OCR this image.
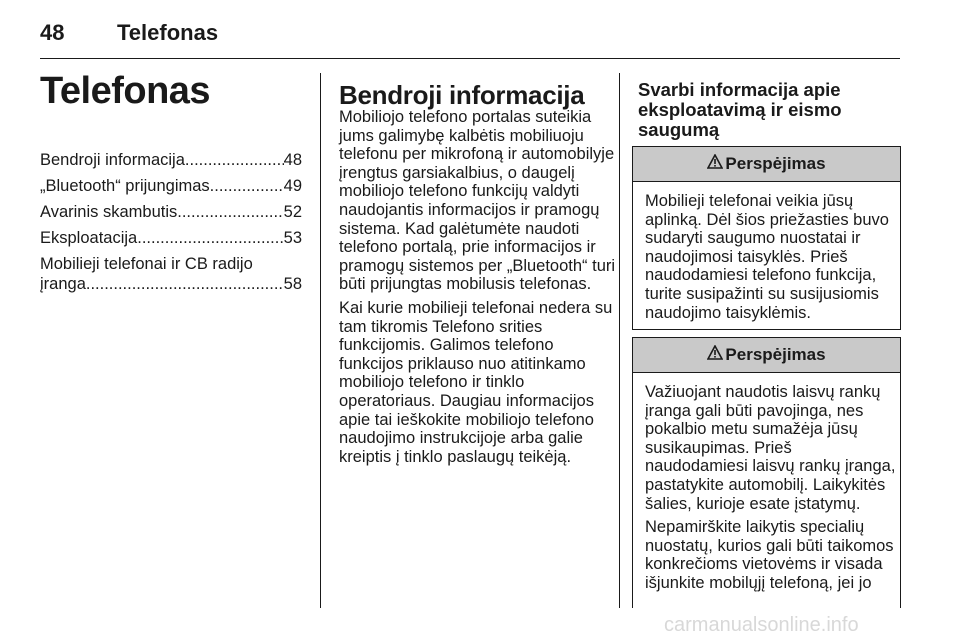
48 Telefonas
Telefonas
Bendroji informacija .....	48
„Bluetooth“ prijungimas .....	49
Avarinis skambutis .....	52
Eksploatacija .....	53
Mobilieji telefonai ir CB radijo
įranga .....	58
Bendroji informacija

Mobiliojo telefono portalas suteikia
jums galimybę kalbėtis mobiliuoju
telefonu per mikrofoną ir automobilyje
įrengtus garsiakalbius, o daugelį
mobiliojo telefono funkcijų valdyti
naudojantis informacijos ir pramogų
sistema. Kad galėtumėte naudoti
telefono portalą, prie informacijos ir
pramogų sistemos per „Bluetooth“ turi
būti prijungtas mobilusis telefonas.

Kai kurie mobilieji telefonai nedera su
tam tikromis Telefono srities
funkcijomis. Galimos telefono
funkcijos priklauso nuo atitinkamo
mobiliojo telefono ir tinklo
operatoriaus. Daugiau informacijos
apie tai ieškokite mobiliojo telefono
naudojimo instrukcijoje arba galie
kreiptis į tinklo paslaugų teikėją.

Svarbi informacija apie
eksploatavimą ir eismo
saugumą
Perspėjimas

Mobilieji telefonai veikia jūsų
aplinką. Dėl šios priežasties buvo
sudaryti saugumo nuostatai ir
naudojimosi taisyklės. Prieš
naudodamiesi telefono funkcija,
turite susipažinti su susijusiomis
naudojimo taisyklėmis.

Perspėjimas

Važiuojant naudotis laisvų rankų
įranga gali būti pavojinga, nes
pokalbio metu sumažėja jūsų
susikaupimas. Prieš
naudodamiesi laisvų rankų įranga,
pastatykite automobilį. Laikykitės
šalies, kurioje esate įstatymų.

Nepamirškite laikytis specialių
nuostatų, kurios gali būti taikomos
konkrečioms vietovėms ir visada
išjunkite mobilųjį telefoną, jei jo

carmanualsonline.info
